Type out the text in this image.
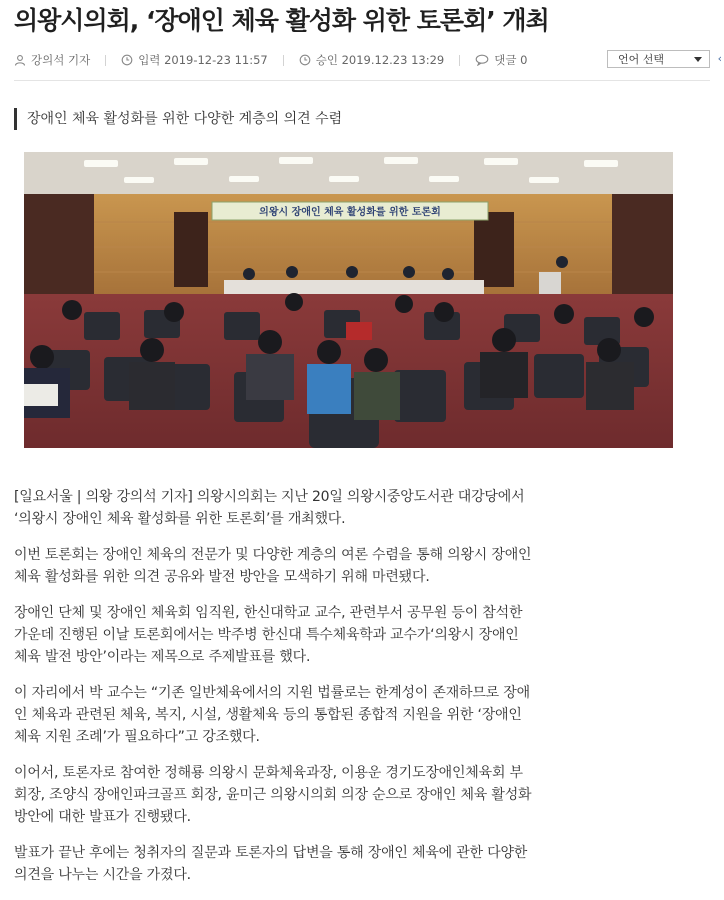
의왕시의회, ‘장애인 체육 활성화 위한 토론회’ 개최
강의석 기자	입력
2019-12-23 11:57	승인
2019.12.23 13:29	댓글
0	언어 선택	‹
장애인 체육 활성화를 위한 다양한 계층의 의견 수렴
의왕시 장애인 체육 활성화를 위한 토론회

[일요서울 | 의왕 강의석 기자] 의왕시의회는 지난 20일 의왕시중앙도서관 대강당에서
‘의왕시 장애인 체육 활성화를 위한 토론회’를 개최했다.

이번 토론회는 장애인 체육의 전문가 및 다양한 계층의 여론 수렴을 통해 의왕시 장애인
체육 활성화를 위한 의견 공유와 발전 방안을 모색하기 위해 마련됐다.

장애인 단체 및 장애인 체육회 임직원, 한신대학교 교수, 관련부서 공무원 등이 참석한
가운데 진행된 이날 토론회에서는 박주병 한신대 특수체육학과 교수가‘의왕시 장애인
체육 발전 방안’이라는 제목으로 주제발표를 했다.

이 자리에서 박 교수는 “기존 일반체육에서의 지원 법률로는 한계성이 존재하므로 장애
인 체육과 관련된 체육, 복지, 시설, 생활체육 등의 통합된 종합적 지원을 위한 ‘장애인
체육 지원 조례’가 필요하다”고 강조했다.

이어서, 토론자로 참여한 정해룡 의왕시 문화체육과장, 이용운 경기도장애인체육회 부
회장, 조양식 장애인파크골프 회장, 윤미근 의왕시의회 의장 순으로 장애인 체육 활성화
방안에 대한 발표가 진행됐다.

발표가 끝난 후에는 청취자의 질문과 토론자의 답변을 통해 장애인 체육에 관한 다양한
의견을 나누는 시간을 가졌다.
